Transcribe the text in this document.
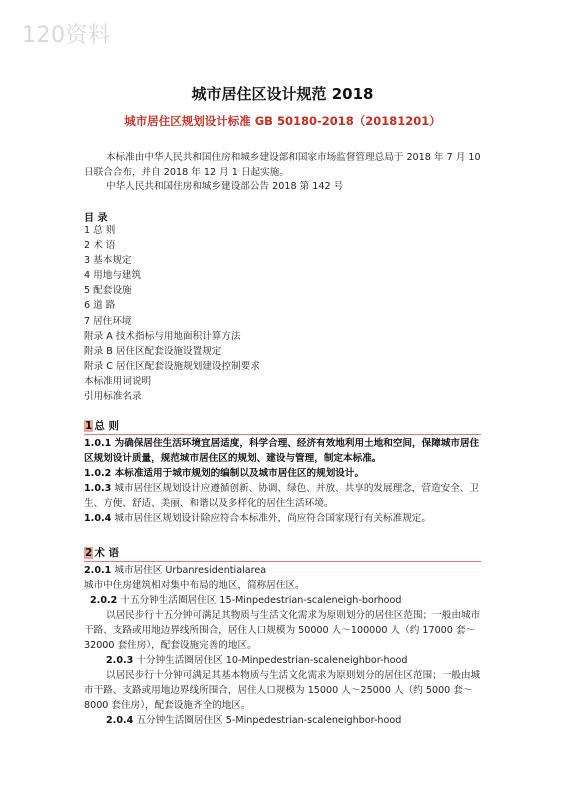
120资料
城市居住区设计规范 2018
城市居住区规划设计标准 GB 50180-2018（20181201）

本标准由中华人民共和国住房和城乡建设部和国家市场监督管理总局于 2018 年 7 月 10 日联合合布，并自 2018 年 12 月 1 日起实施。

中华人民共和国住房和城乡建设部公告 2018 第 142 号

目 录
1 总 则
2 术 语
3 基本规定
4 用地与建筑
5 配套设施
6 道 路
7 居住环境
附录 A 技术指标与用地面积计算方法
附录 B 居住区配套设施设置规定
附录 C 居住区配套设施规划建设控制要求
本标准用词说明
引用标准名录
1 总 则

1.0.1 为确保居住生活环境宜居适度，科学合理、经济有效地利用土地和空间，保障城市居住区规划设计质量，规范城市居住区的规划、建设与管理，制定本标准。

1.0.2 本标准适用于城市规划的编制以及城市居住区的规划设计。

1.0.3 城市居住区规划设计应遵循创新、协调、绿色、并放、共享的发展理念，营造安全、卫生、方便、舒适、美丽、和谐以及多样化的居住生活环境。

1.0.4 城市居住区规划设计除应符合本标准外，尚应符合国家现行有关标准规定。

2 术 语

2.0.1 城市居住区 Urbanresidentialarea

城市中住房建筑相对集中布局的地区，简称居住区。

2.0.2 十五分钟生活圈居住区 15-Minpedestrian-scaleneigh-borhood

以居民步行十五分钟可满足其物质与生活文化需求为原则划分的居住区范围；一般由城市干路、支路或用地边界线所围合，居住人口规模为 50000 人～100000 人（约 17000 套～32000 套住房），配套设施完善的地区。

2.0.3 十分钟生活圈居住区 10-Minpedestrian-scaleneighbor-hood

以居民步行十分钟可满足其基本物质与生活文化需求为原则划分的居住区范围；一般由城市干路、支路或用地边界线所围合，居住人口规模为 15000 人～25000 人（约 5000 套～8000 套住房），配套设施齐全的地区。

2.0.4 五分钟生活圈居住区 5-Minpedestrian-scaleneighbor-hood
